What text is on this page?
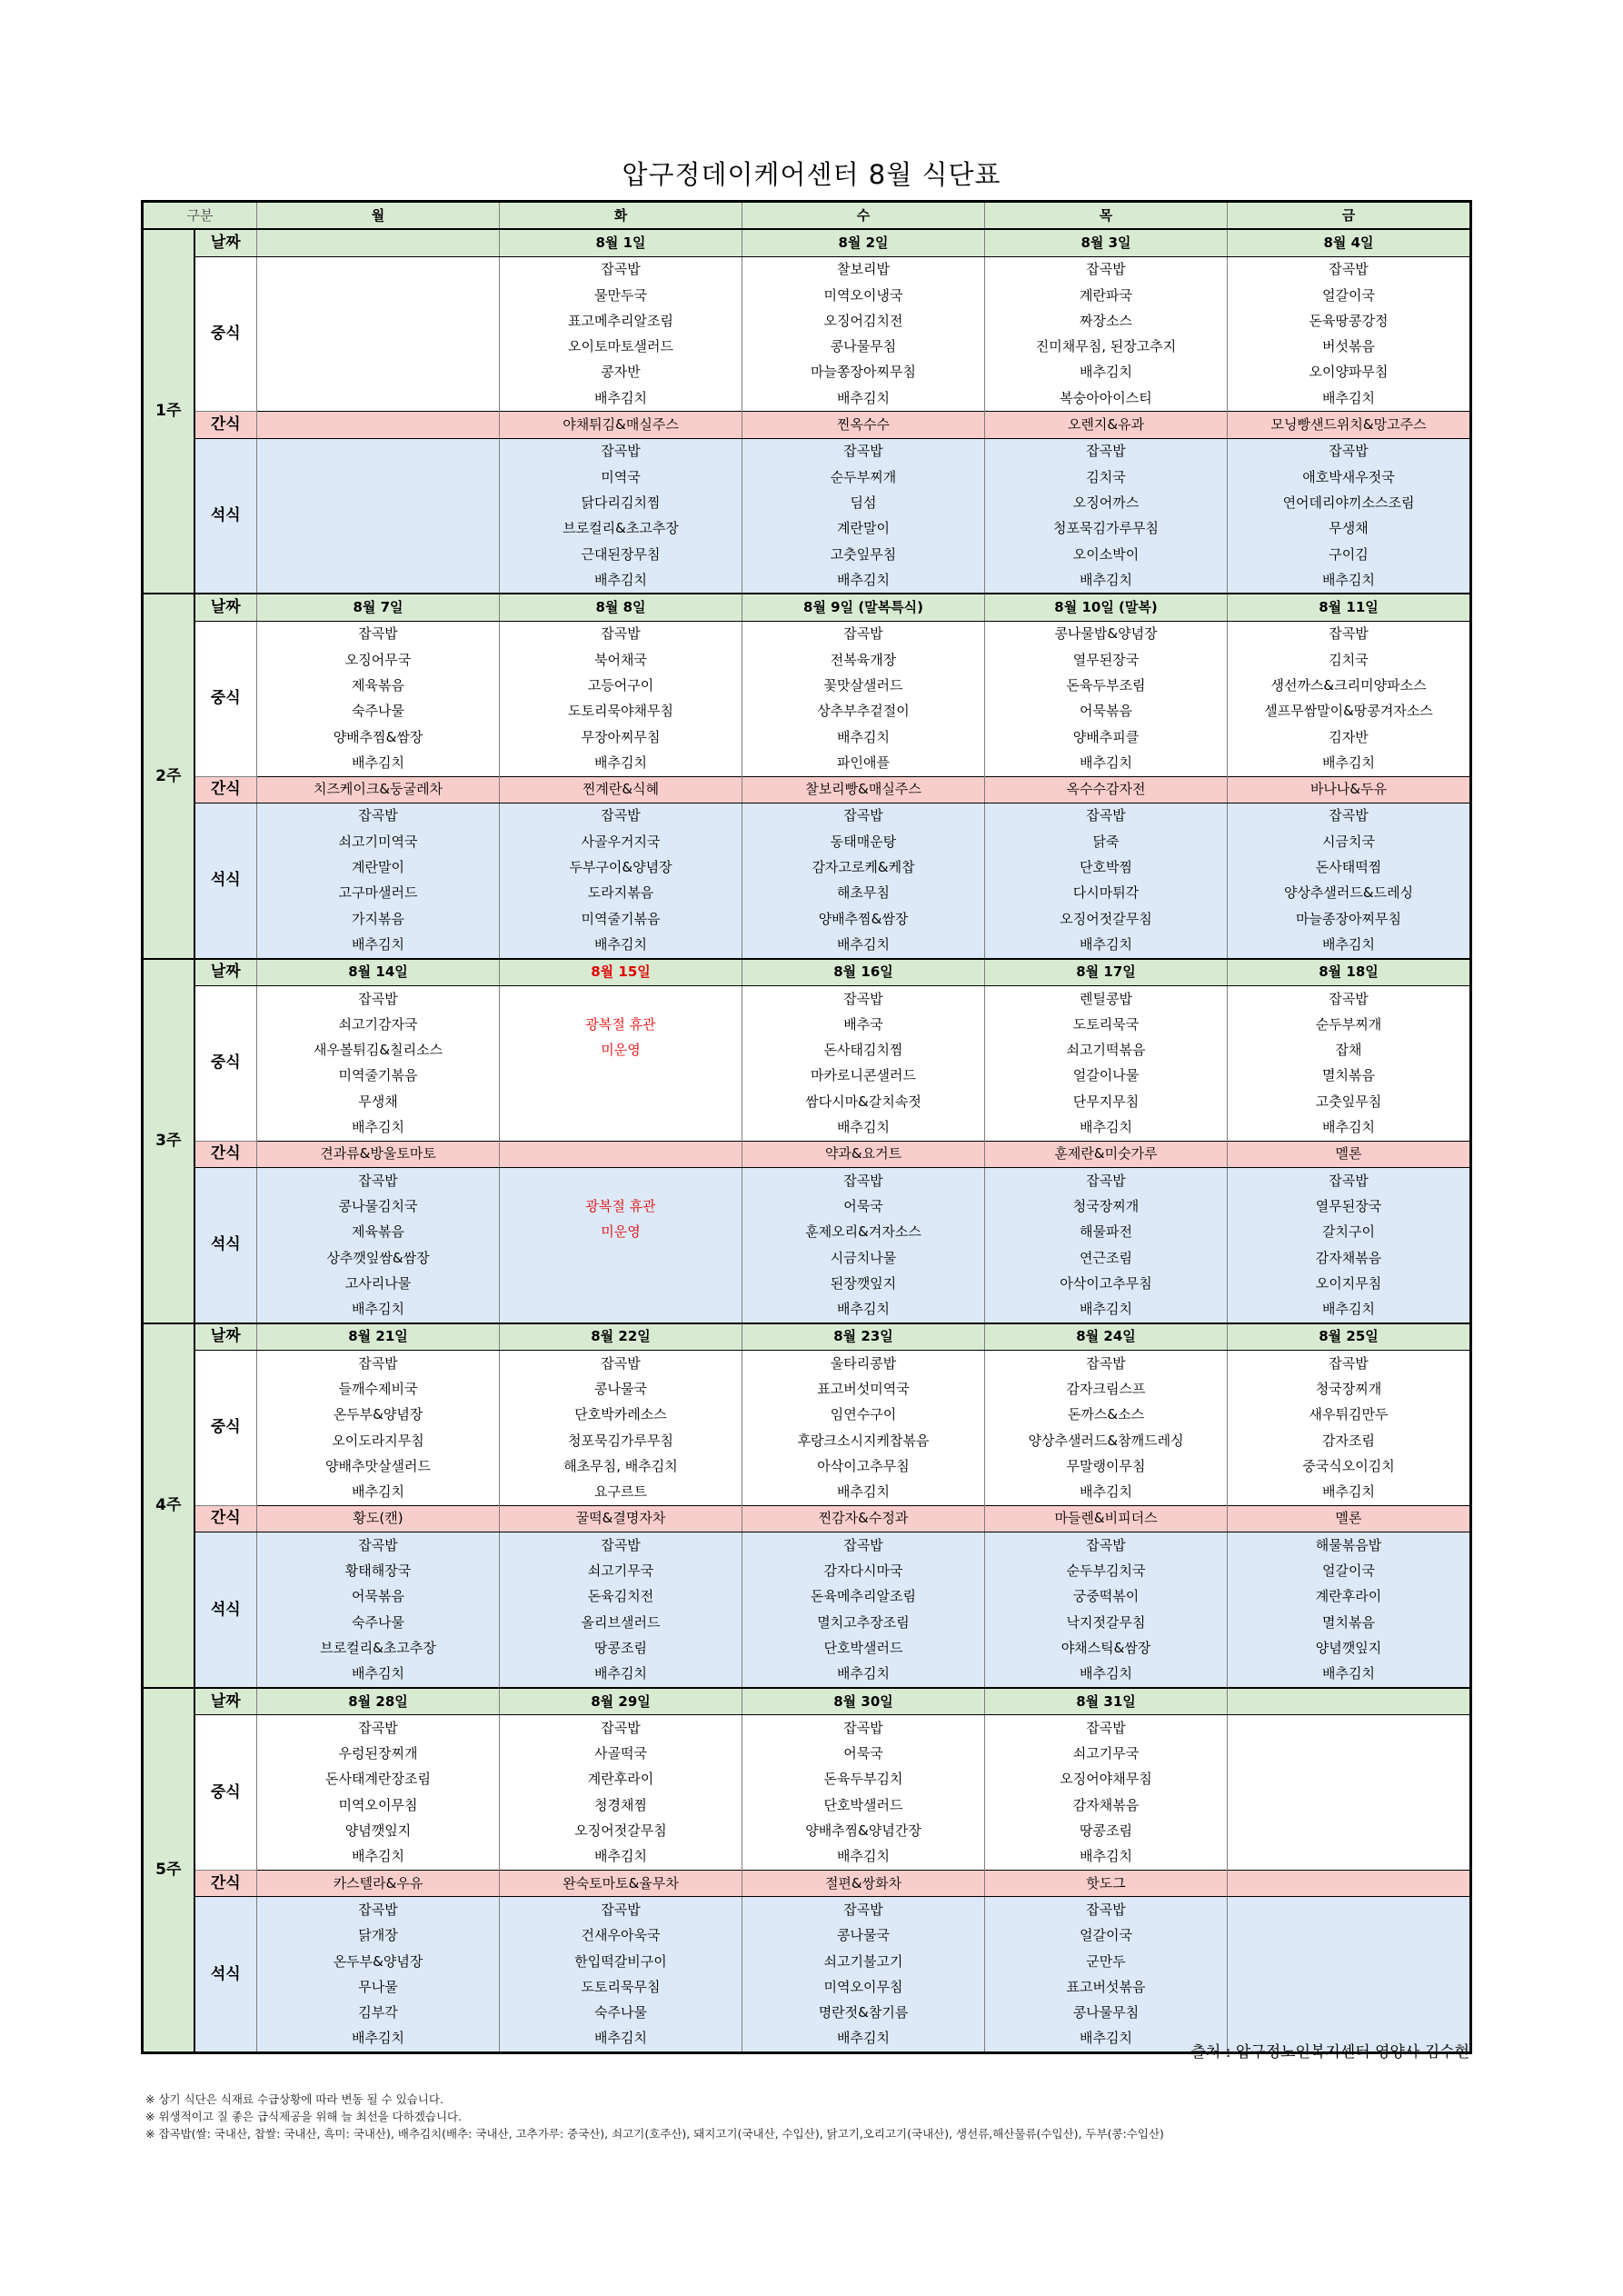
압구정데이케어센터 8월 식단표
구분		월	화	수	목	금
1주	날짜		8월 1일	8월 2일	8월 3일	8월 4일
	중식		잡곡밥	찰보리밥	잡곡밥	잡곡밥
			물만두국	미역오이냉국	계란파국	얼갈이국
			표고메추리알조림	오징어김치전	짜장소스	돈육땅콩강정
			오이토마토샐러드	콩나물무침	진미채무침, 된장고추지	버섯볶음
			콩자반	마늘쫑장아찌무침	배추김치	오이양파무침
			배추김치	배추김치	복숭아아이스티	배추김치
	간식		야채튀김&매실주스	찐옥수수	오렌지&유과	모닝빵샌드위치&망고주스
	석식		잡곡밥	잡곡밥	잡곡밥	잡곡밥
			미역국	순두부찌개	김치국	애호박새우젓국
			닭다리김치찜	딤섬	오징어까스	연어데리야끼소스조림
			브로컬리&초고추장	계란말이	청포묵김가루무침	무생채
			근대된장무침	고춧잎무침	오이소박이	구이김
			배추김치	배추김치	배추김치	배추김치
2주	날짜	8월 7일	8월 8일	8월 9일 (말복특식)	8월 10일 (말복)	8월 11일
	중식	잡곡밥	잡곡밥	잡곡밥	콩나물밥&양념장	잡곡밥
		오징어무국	북어채국	전복육개장	열무된장국	김치국
		제육볶음	고등어구이	꽃맛살샐러드	돈육두부조림	생선까스&크리미양파소스
		숙주나물	도토리묵야채무침	상추부추겉절이	어묵볶음	셀프무쌈말이&땅콩겨자소스
		양배추찜&쌈장	무장아찌무침	배추김치	양배추피클	김자반
		배추김치	배추김치	파인애플	배추김치	배추김치
	간식	치즈케이크&둥굴레차	찐계란&식혜	찰보리빵&매실주스	옥수수감자전	바나나&두유
	석식	잡곡밥	잡곡밥	잡곡밥	잡곡밥	잡곡밥
		쇠고기미역국	사골우거지국	동태매운탕	닭죽	시금치국
		계란말이	두부구이&양념장	감자고로케&케찹	단호박찜	돈사태떡찜
		고구마샐러드	도라지볶음	해초무침	다시마튀각	양상추샐러드&드레싱
		가지볶음	미역줄기볶음	양배추찜&쌈장	오징어젓갈무침	마늘종장아찌무침
		배추김치	배추김치	배추김치	배추김치	배추김치
3주	날짜	8월 14일	8월 15일	8월 16일	8월 17일	8월 18일
	중식	잡곡밥		잡곡밥	렌틸콩밥	잡곡밥
		쇠고기감자국	광복절 휴관	배추국	도토리묵국	순두부찌개
		새우볼튀김&칠리소스	미운영	돈사태김치찜	쇠고기떡볶음	잡채
		미역줄기볶음		마카로니콘샐러드	얼갈이나물	멸치볶음
		무생채		쌈다시마&갈치속젓	단무지무침	고춧잎무침
		배추김치		배추김치	배추김치	배추김치
	간식	견과류&방울토마토		약과&요거트	훈제란&미숫가루	멜론
	석식	잡곡밥		잡곡밥	잡곡밥	잡곡밥
		콩나물김치국	광복절 휴관	어묵국	청국장찌개	열무된장국
		제육볶음	미운영	훈제오리&겨자소스	해물파전	갈치구이
		상추깻잎쌈&쌈장		시금치나물	연근조림	감자채볶음
		고사리나물		된장깻잎지	아삭이고추무침	오이지무침
		배추김치		배추김치	배추김치	배추김치
4주	날짜	8월 21일	8월 22일	8월 23일	8월 24일	8월 25일
	중식	잡곡밥	잡곡밥	울타리콩밥	잡곡밥	잡곡밥
		들깨수제비국	콩나물국	표고버섯미역국	감자크림스프	청국장찌개
		온두부&양념장	단호박카레소스	임연수구이	돈까스&소스	새우튀김만두
		오이도라지무침	청포묵김가루무침	후랑크소시지케찹볶음	양상추샐러드&참깨드레싱	감자조림
		양배추맛살샐러드	해초무침, 배추김치	아삭이고추무침	무말랭이무침	중국식오이김치
		배추김치	요구르트	배추김치	배추김치	배추김치
	간식	황도(캔)	꿀떡&결명자차	찐감자&수정과	마들렌&비피더스	멜론
	석식	잡곡밥	잡곡밥	잡곡밥	잡곡밥	해물볶음밥
		황태해장국	쇠고기무국	감자다시마국	순두부김치국	얼갈이국
		어묵볶음	돈육김치전	돈육메추리알조림	궁중떡볶이	계란후라이
		숙주나물	올리브샐러드	멸치고추장조림	낙지젓갈무침	멸치볶음
		브로컬리&초고추장	땅콩조림	단호박샐러드	야채스틱&쌈장	양념깻잎지
		배추김치	배추김치	배추김치	배추김치	배추김치
5주	날짜	8월 28일	8월 29일	8월 30일	8월 31일	
	중식	잡곡밥	잡곡밥	잡곡밥	잡곡밥	
		우렁된장찌개	사골떡국	어묵국	쇠고기무국	
		돈사태계란장조림	계란후라이	돈육두부김치	오징어야채무침	
		미역오이무침	청경채찜	단호박샐러드	감자채볶음	
		양념깻잎지	오징어젓갈무침	양배추찜&양념간장	땅콩조림	
		배추김치	배추김치	배추김치	배추김치	
	간식	카스텔라&우유	완숙토마토&율무차	절편&쌍화차	핫도그	
	석식	잡곡밥	잡곡밥	잡곡밥	잡곡밥	
		닭개장	건새우아욱국	콩나물국	얼갈이국	
		온두부&양념장	한입떡갈비구이	쇠고기불고기	군만두	
		무나물	도토리묵무침	미역오이무침	표고버섯볶음	
		김부각	숙주나물	명란젓&참기름	콩나물무침	
		배추김치	배추김치	배추김치	배추김치	
출처 : 압구정노인복지센터 영양사 김수현
※ 상기 식단은 식재료 수급상황에 따라 변동 될 수 있습니다.
※ 위생적이고 질 좋은 급식제공을 위해 늘 최선을 다하겠습니다.
※ 잡곡밥(쌀: 국내산, 찹쌀: 국내산, 흑미: 국내산), 배추김치(배추: 국내산, 고추가루: 중국산), 쇠고기(호주산), 돼지고기(국내산, 수입산), 닭고기,오리고기(국내산), 생선류,해산물류(수입산), 두부(콩:수입산)
